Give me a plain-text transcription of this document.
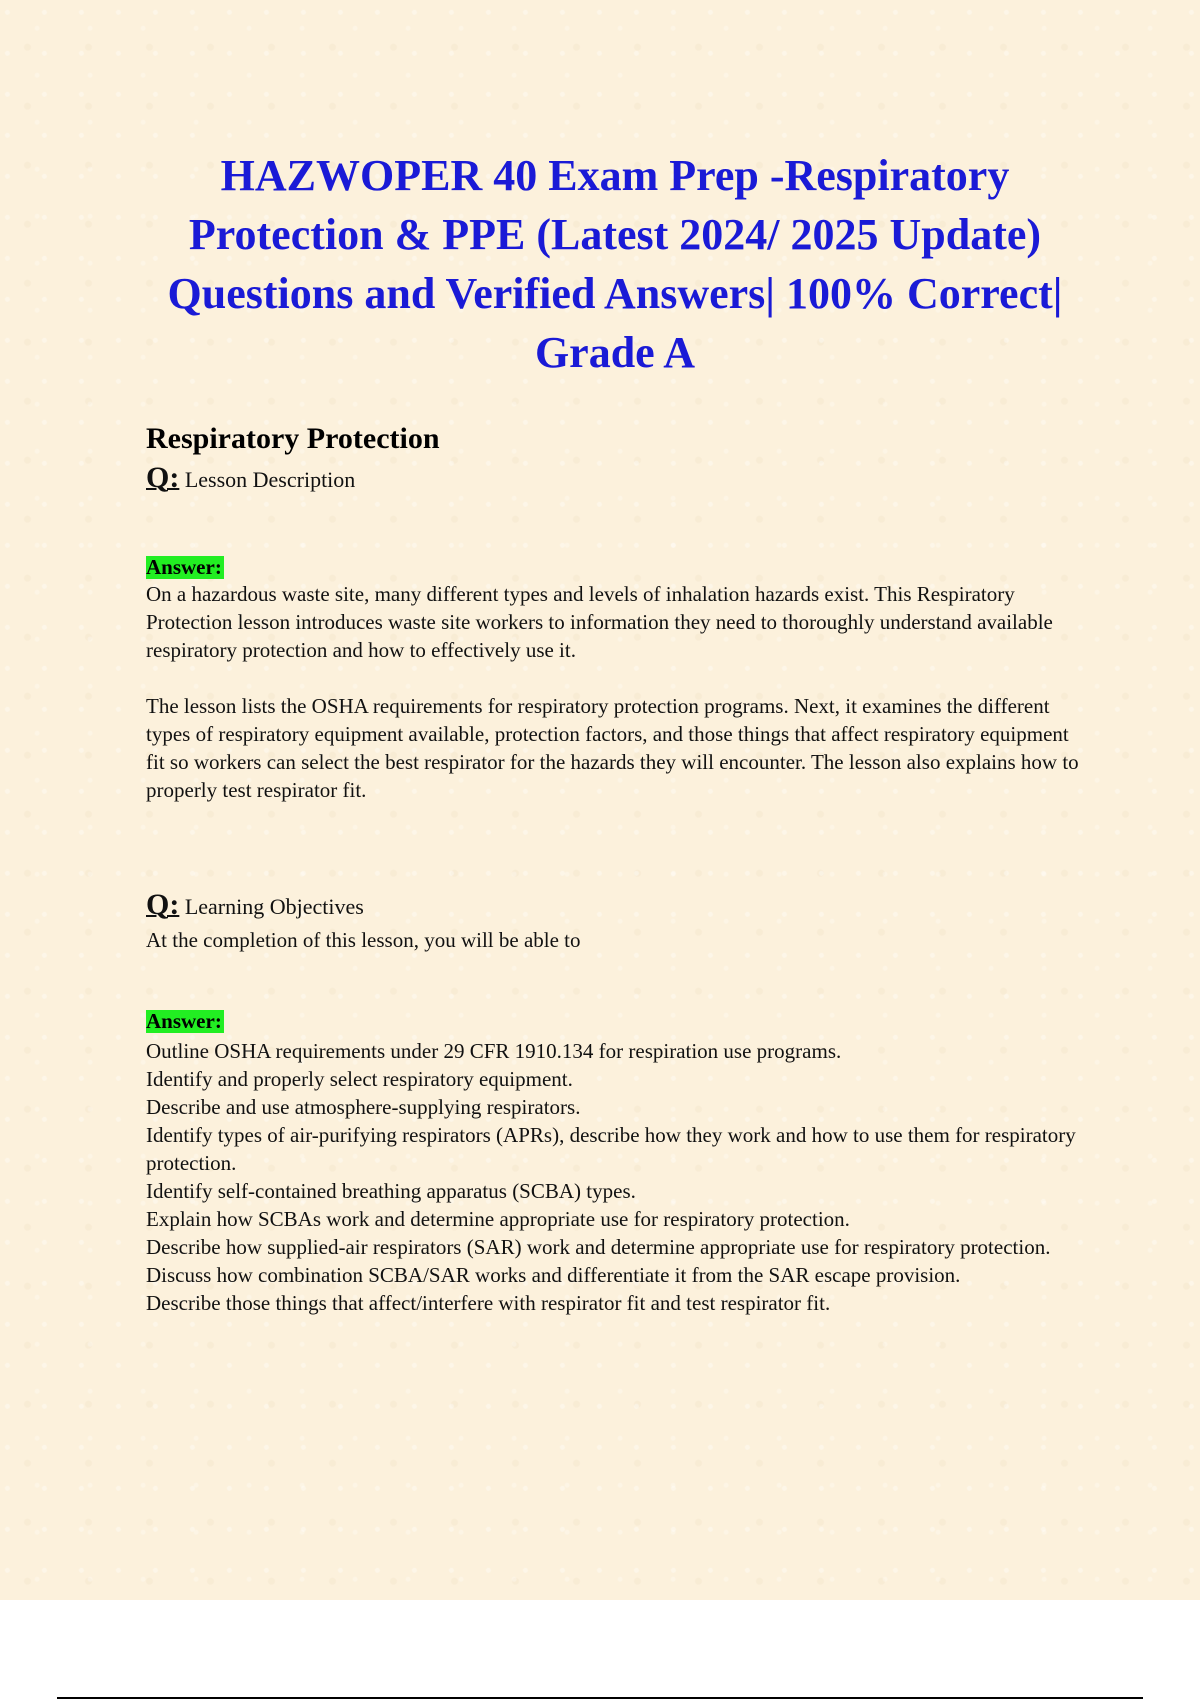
HAZWOPER 40 Exam Prep -Respiratory Protection & PPE (Latest 2024/ 2025 Update) Questions and Verified Answers| 100% Correct| Grade A
Respiratory Protection
Q: Lesson Description
Answer:

On a hazardous waste site, many different types and levels of inhalation hazards exist. This Respiratory Protection lesson introduces waste site workers to information they need to thoroughly understand available respiratory protection and how to effectively use it.

The lesson lists the OSHA requirements for respiratory protection programs. Next, it examines the different types of respiratory equipment available, protection factors, and those things that affect respiratory equipment fit so workers can select the best respirator for the hazards they will encounter. The lesson also explains how to properly test respirator fit.

Q: Learning Objectives

At the completion of this lesson, you will be able to

Answer:
Outline OSHA requirements under 29 CFR 1910.134 for respiration use programs.
Identify and properly select respiratory equipment.
Describe and use atmosphere-supplying respirators.
Identify types of air-purifying respirators (APRs), describe how they work and how to use them for respiratory protection.
Identify self-contained breathing apparatus (SCBA) types.
Explain how SCBAs work and determine appropriate use for respiratory protection.
Describe how supplied-air respirators (SAR) work and determine appropriate use for respiratory protection.
Discuss how combination SCBA/SAR works and differentiate it from the SAR escape provision.
Describe those things that affect/interfere with respirator fit and test respirator fit.
